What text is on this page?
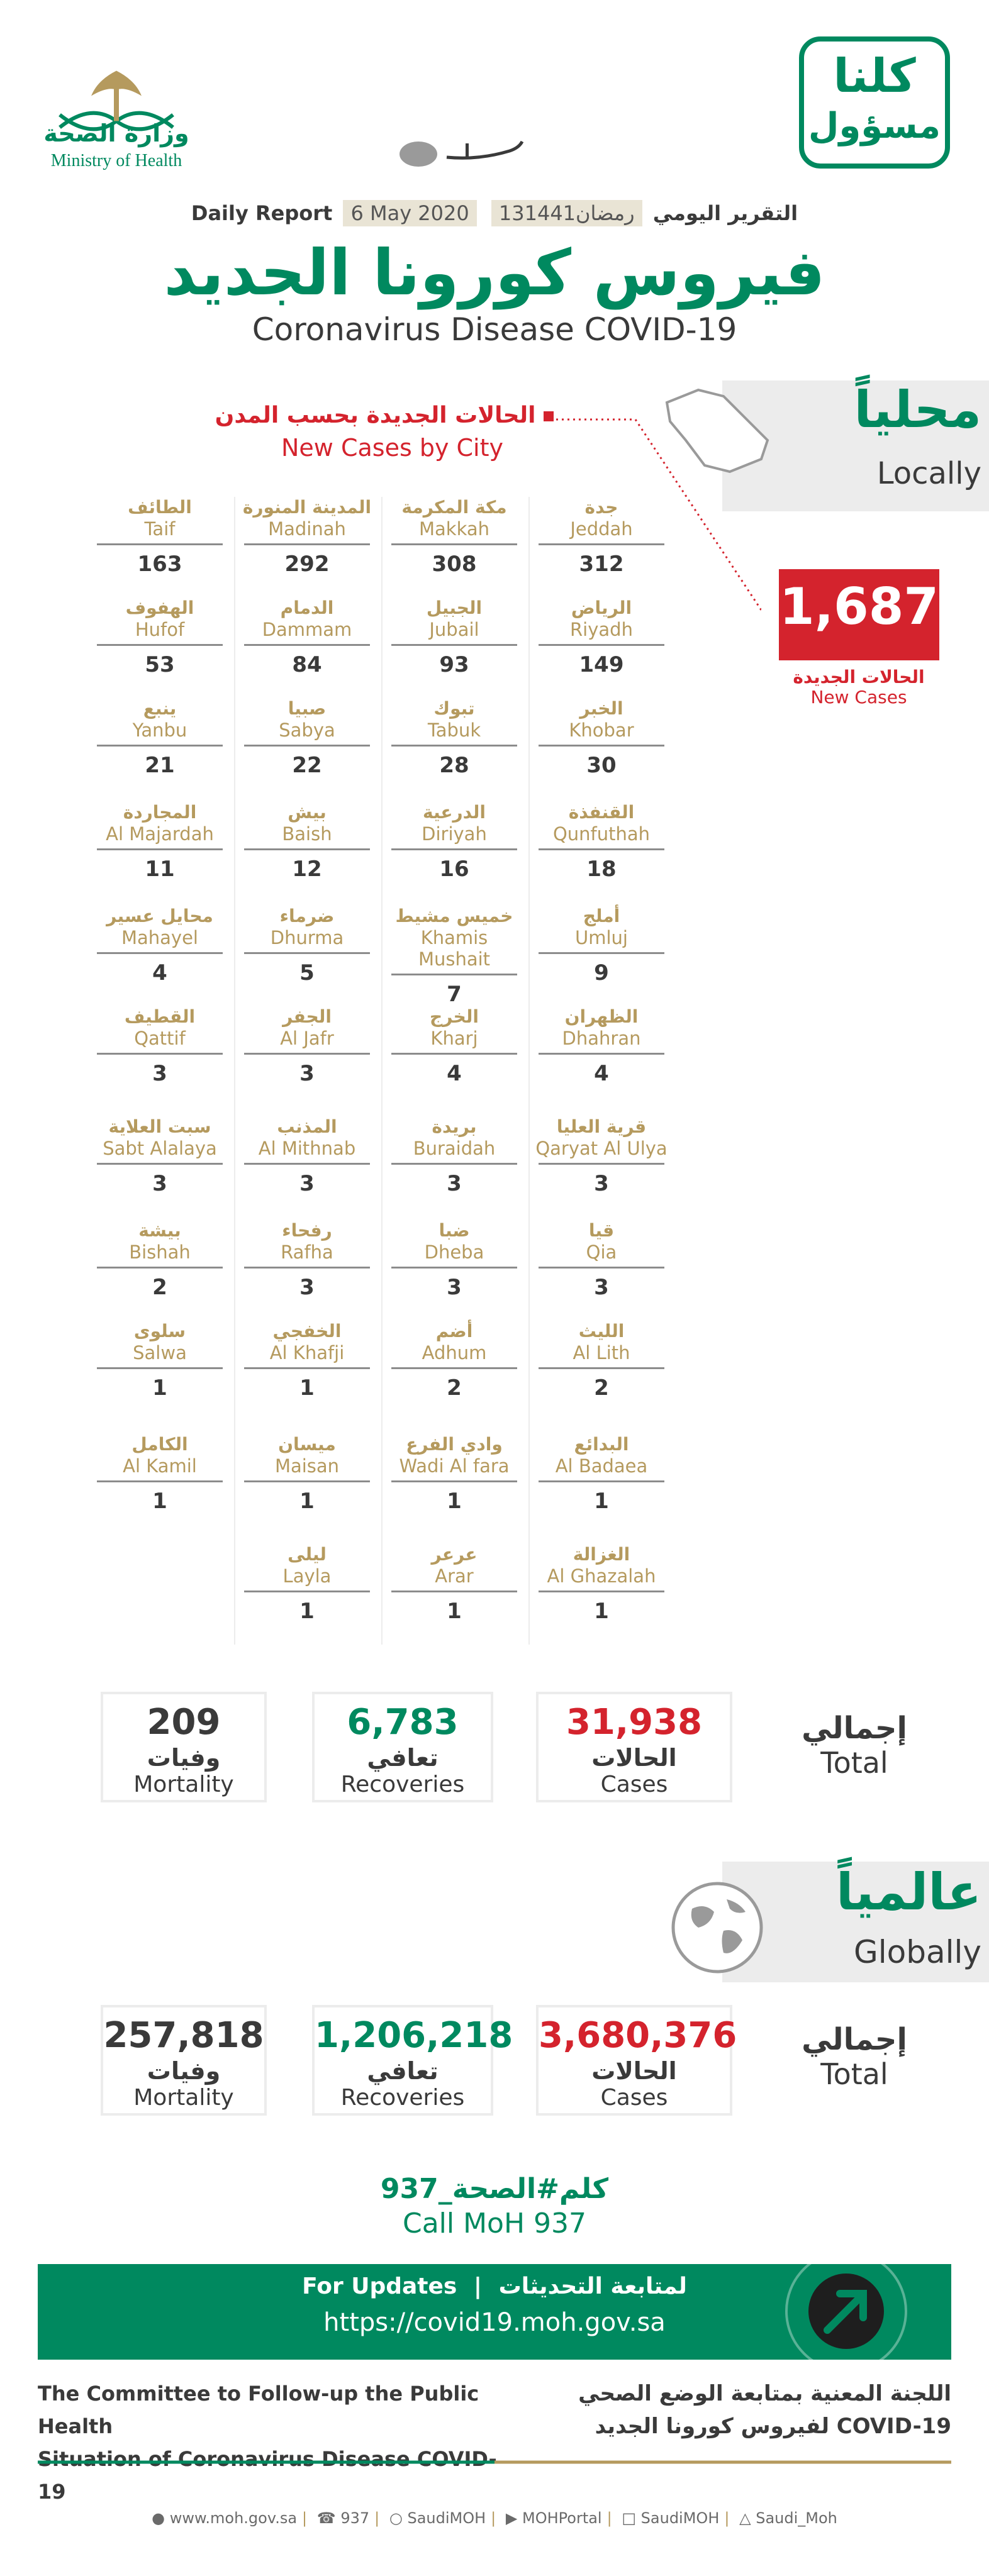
وزارة الصحة
Ministry of Health
كلنا
مسؤول
Daily Report 6 May 2020 13رمضان1441 التقرير اليومي
فيروس كورونا الجديد
Coronavirus Disease COVID-19
محلياً
Locally
الحالات الجديدة بحسب المدن
New Cases by City
1,687
الحالات الجديدة
New Cases
جدة
Jeddah
312
مكة المكرمة
Makkah
308
المدينة المنورة
Madinah
292
الطائف
Taif
163
الرياض
Riyadh
149
الجبيل
Jubail
93
الدمام
Dammam
84
الهفوف
Hufof
53
الخبر
Khobar
30
تبوك
Tabuk
28
صبيا
Sabya
22
ينبع
Yanbu
21
القنفذة
Qunfuthah
18
الدرعية
Diriyah
16
بيش
Baish
12
المجاردة
Al Majardah
11
أملج
Umluj
9
خميس مشيط
Khamis Mushait
7
ضرماء
Dhurma
5
محايل عسير
Mahayel
4
الظهران
Dhahran
4
الخرج
Kharj
4
الجفر
Al Jafr
3
القطيف
Qattif
3
قرية العليا
Qaryat Al Ulya
3
بريدة
Buraidah
3
المذنب
Al Mithnab
3
سبت العلاية
Sabt Alalaya
3
قيا
Qia
3
ضبا
Dheba
3
رفحاء
Rafha
3
بيشة
Bishah
2
الليث
Al Lith
2
أضم
Adhum
2
الخفجي
Al Khafji
1
سلوى
Salwa
1
البدائع
Al Badaea
1
وادي الفرع
Wadi Al fara
1
ميسان
Maisan
1
الكامل
Al Kamil
1
الغزالة
Al Ghazalah
1
عرعر
Arar
1
ليلى
Layla
1
31,938
الحالات
Cases
6,783
تعافي
Recoveries
209
وفيات
Mortality
إجمالي
Total
عالمياً
Globally
3,680,376
الحالات
Cases
1,206,218
تعافي
Recoveries
257,818
وفيات
Mortality
إجمالي
Total
كلم#الصحة_937
Call MoH 937
For Updates | لمتابعة التحديثات
https://covid19.moh.gov.sa
The Committee to Follow-up the Public Health
Situation of Coronavirus Disease COVID-19
اللجنة المعنية بمتابعة الوضع الصحي
لفيروس كورونا الجديد COVID-19
● www.moh.gov.sa | ☎ 937 | ○ SaudiMOH | ▶ MOHPortal | □ SaudiMOH | △ Saudi_Moh
